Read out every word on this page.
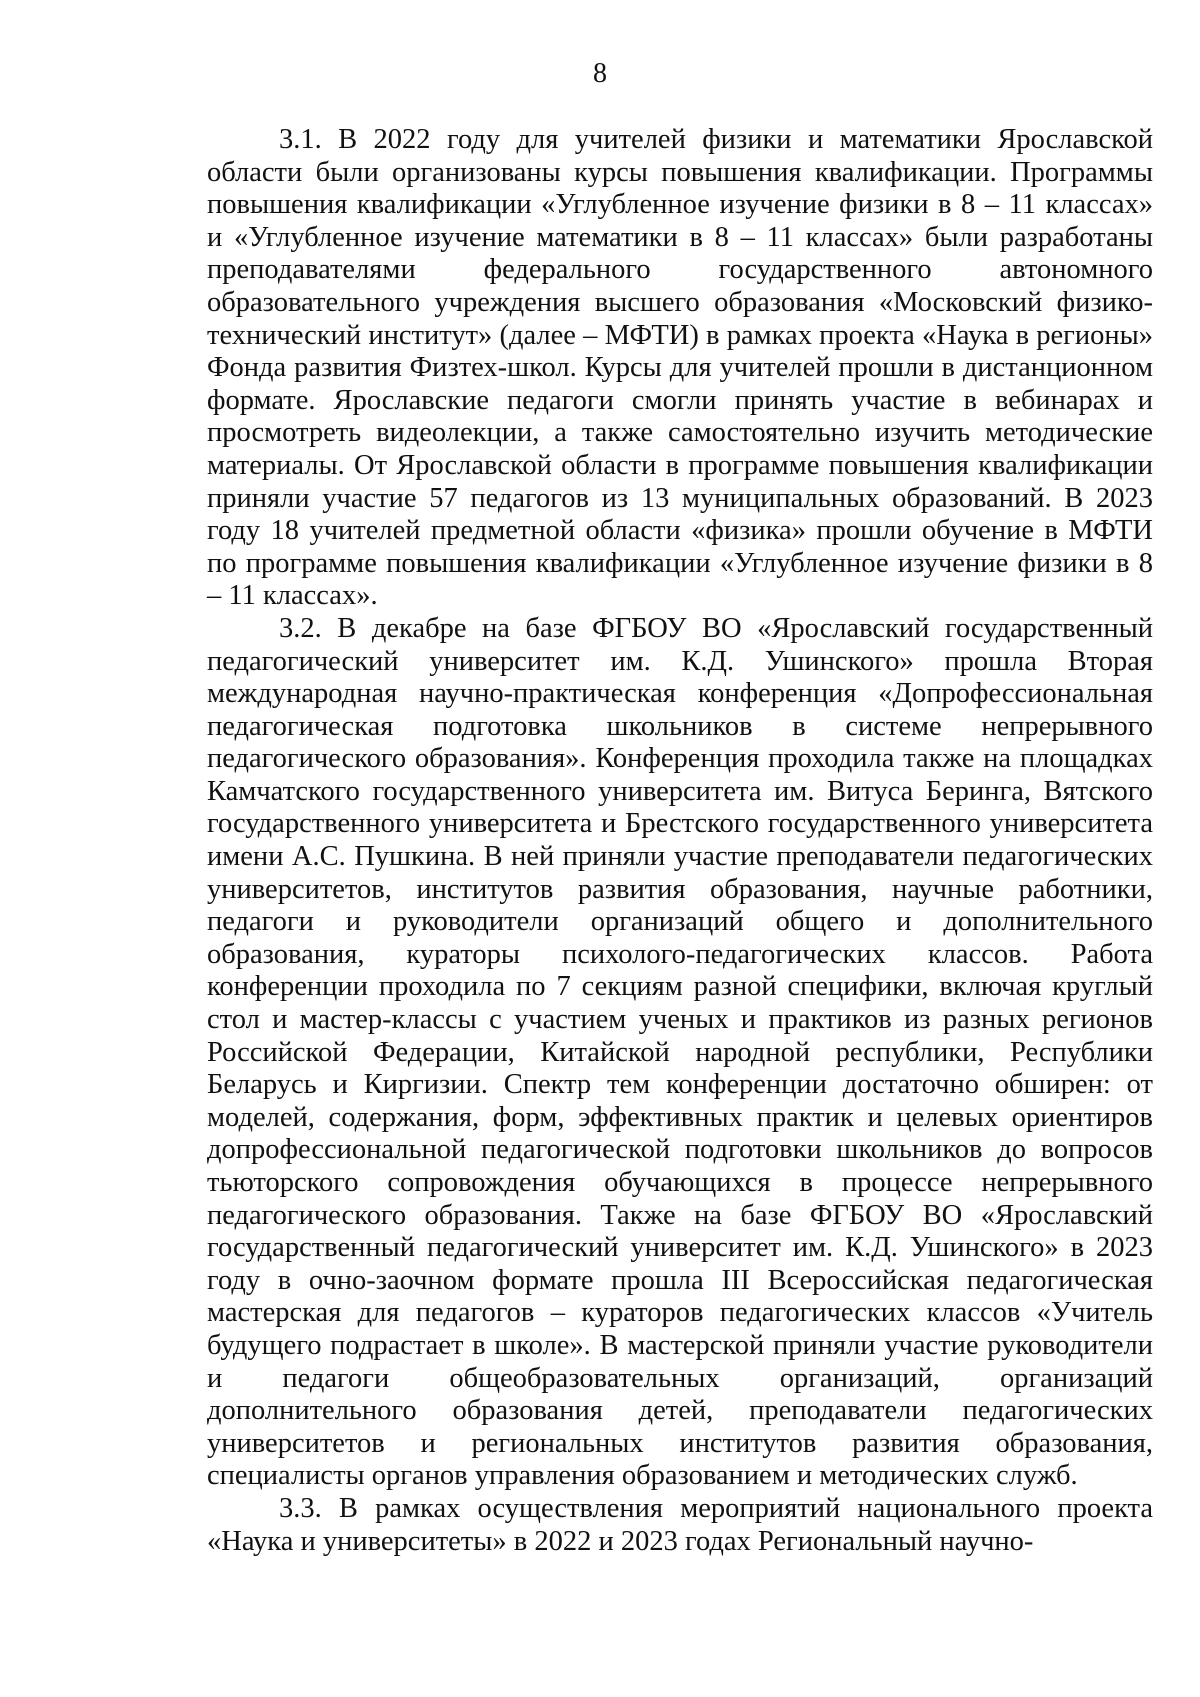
8

3.1. В 2022 году для учителей физики и математики Ярославской области были организованы курсы повышения квалификации. Программы повышения квалификации «Углубленное изучение физики в 8 – 11 классах» и «Углубленное изучение математики в 8 – 11 классах» были разработаны преподавателями федерального государственного автономного образовательного учреждения высшего образования «Московский физико-технический институт» (далее – МФТИ) в рамках проекта «Наука в регионы» Фонда развития Физтех-школ. Курсы для учителей прошли в дистанционном формате. Ярославские педагоги смогли принять участие в вебинарах и просмотреть видеолекции, а также самостоятельно изучить методические материалы. От Ярославской области в программе повышения квалификации приняли участие 57 педагогов из 13 муниципальных образований. В 2023 году 18 учителей предметной области «физика» прошли обучение в МФТИ по программе повышения квалификации «Углубленное изучение физики в 8 – 11 классах».

3.2. В декабре на базе ФГБОУ ВО «Ярославский государственный педагогический университет им. К.Д. Ушинского» прошла Вторая международная научно-практическая конференция «Допрофессиональная педагогическая подготовка школьников в системе непрерывного педагогического образования». Конференция проходила также на площадках Камчатского государственного университета им. Витуса Беринга, Вятского государственного университета и Брестского государственного университета имени А.С. Пушкина. В ней приняли участие преподаватели педагогических университетов, институтов развития образования, научные работники, педагоги и руководители организаций общего и дополнительного образования, кураторы психолого-педагогических классов. Работа конференции проходила по 7 секциям разной специфики, включая круглый стол и мастер-классы с участием ученых и практиков из разных регионов Российской Федерации, Китайской народной республики, Республики Беларусь и Киргизии. Спектр тем конференции достаточно обширен: от моделей, содержания, форм, эффективных практик и целевых ориентиров допрофессиональной педагогической подготовки школьников до вопросов тьюторского сопровождения обучающихся в процессе непрерывного педагогического образования. Также на базе ФГБОУ ВО «Ярославский государственный педагогический университет им. К.Д. Ушинского» в 2023 году в очно-заочном формате прошла III Всероссийская педагогическая мастерская для педагогов – кураторов педагогических классов «Учитель будущего подрастает в школе». В мастерской приняли участие руководители и педагоги общеобразовательных организаций, организаций дополнительного образования детей, преподаватели педагогических университетов и региональных институтов развития образования, специалисты органов управления образованием и методических служб.

3.3. В рамках осуществления мероприятий национального проекта «Наука и университеты» в 2022 и 2023 годах Региональный научно-
